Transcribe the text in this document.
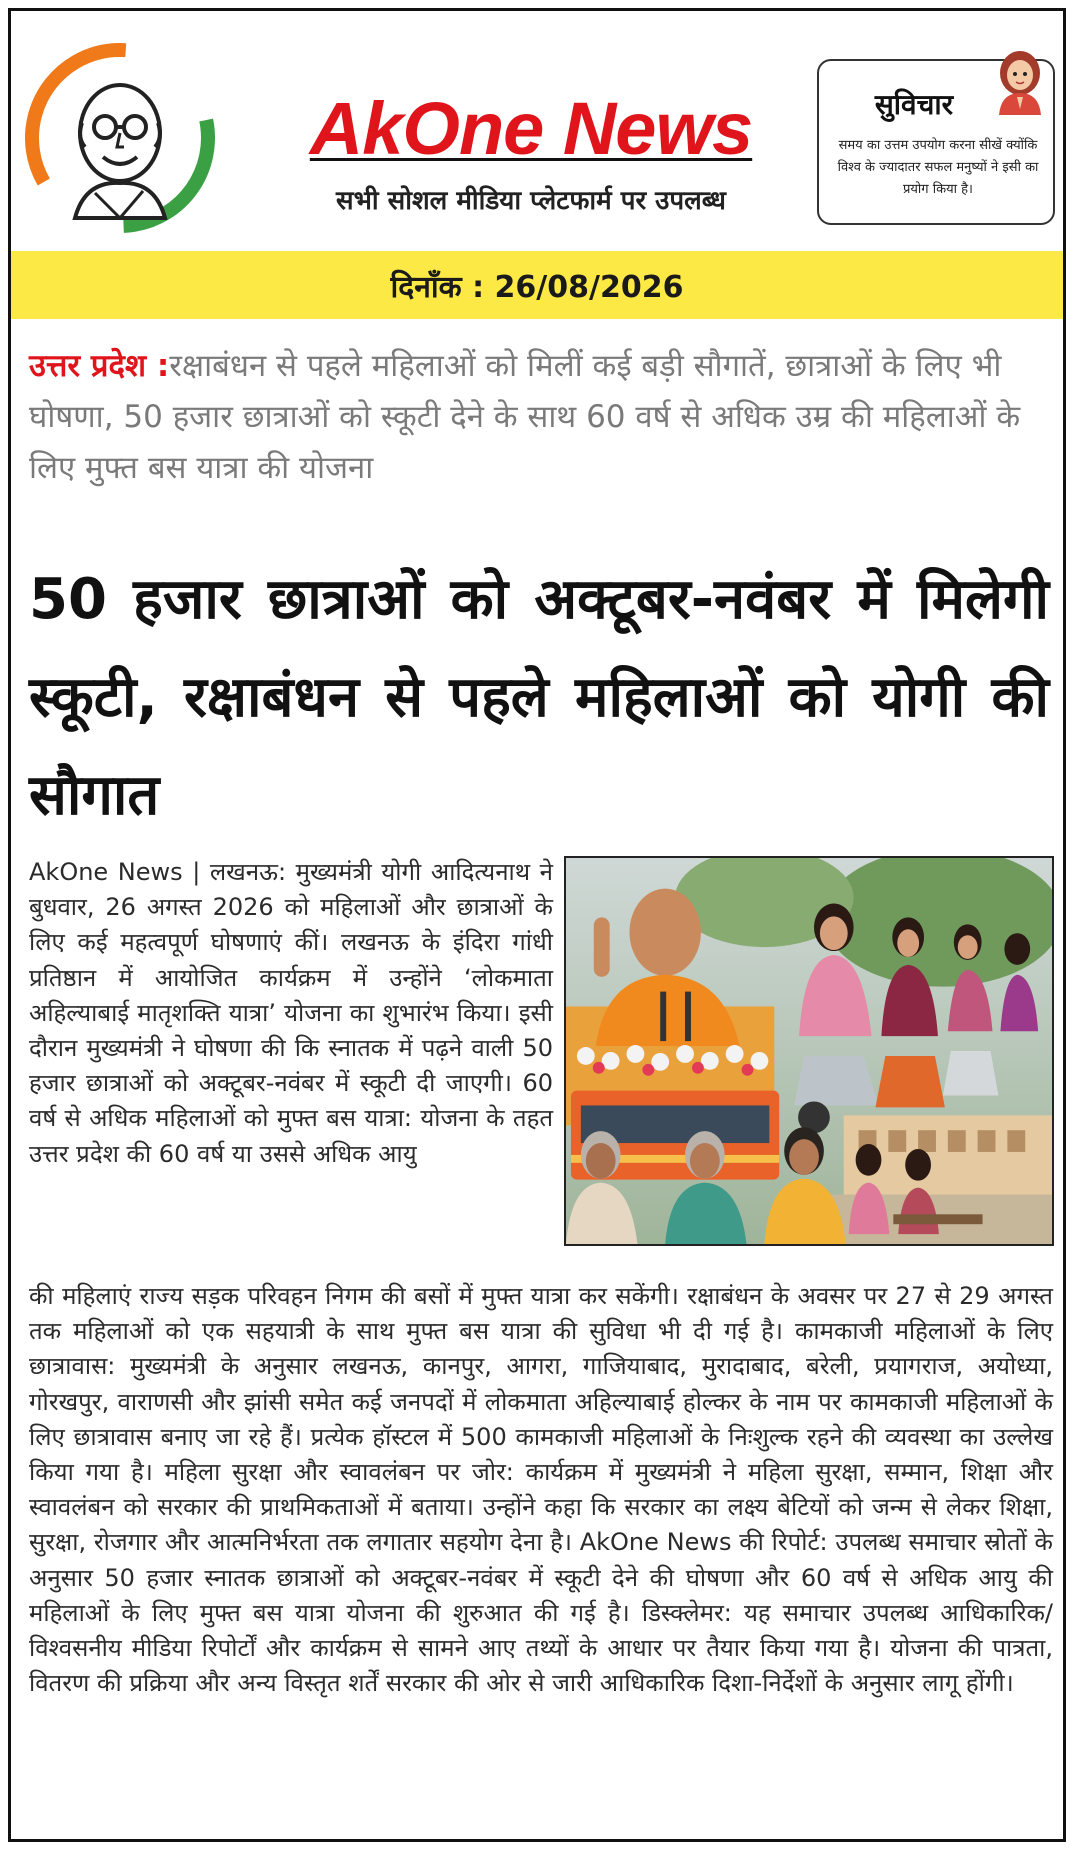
AkOne News
सभी सोशल मीडिया प्लेटफार्म पर उपलब्ध
सुविचार
समय का उत्तम उपयोग करना सीखें क्योंकि विश्व के ज्यादातर सफल मनुष्यों ने इसी का प्रयोग किया है।
दिनाँक : 26/08/2026
उत्तर प्रदेश :रक्षाबंधन से पहले महिलाओं को मिलीं कई बड़ी सौगातें, छात्राओं के लिए भी घोषणा, 50 हजार छात्राओं को स्कूटी देने के साथ 60 वर्ष से अधिक उम्र की महिलाओं के लिए मुफ्त बस यात्रा की योजना
50 हजार छात्राओं को अक्टूबर-नवंबर में मिलेगी स्कूटी, रक्षाबंधन से पहले महिलाओं को योगी की सौगात
AkOne News | लखनऊ: मुख्यमंत्री योगी आदित्यनाथ ने बुधवार, 26 अगस्त 2026 को महिलाओं और छात्राओं के लिए कई महत्वपूर्ण घोषणाएं कीं। लखनऊ के इंदिरा गांधी प्रतिष्ठान में आयोजित कार्यक्रम में उन्होंने ‘लोकमाता अहिल्याबाई मातृशक्ति यात्रा’ योजना का शुभारंभ किया। इसी दौरान मुख्यमंत्री ने घोषणा की कि स्नातक में पढ़ने वाली 50 हजार छात्राओं को अक्टूबर-नवंबर में स्कूटी दी जाएगी। 60 वर्ष से अधिक महिलाओं को मुफ्त बस यात्रा: योजना के तहत उत्तर प्रदेश की 60 वर्ष या उससे अधिक आयु
की महिलाएं राज्य सड़क परिवहन निगम की बसों में मुफ्त यात्रा कर सकेंगी। रक्षाबंधन के अवसर पर 27 से 29 अगस्त तक महिलाओं को एक सहयात्री के साथ मुफ्त बस यात्रा की सुविधा भी दी गई है। कामकाजी महिलाओं के लिए छात्रावास: मुख्यमंत्री के अनुसार लखनऊ, कानपुर, आगरा, गाजियाबाद, मुरादाबाद, बरेली, प्रयागराज, अयोध्या, गोरखपुर, वाराणसी और झांसी समेत कई जनपदों में लोकमाता अहिल्याबाई होल्कर के नाम पर कामकाजी महिलाओं के लिए छात्रावास बनाए जा रहे हैं। प्रत्येक हॉस्टल में 500 कामकाजी महिलाओं के निःशुल्क रहने की व्यवस्था का उल्लेख किया गया है। महिला सुरक्षा और स्वावलंबन पर जोर: कार्यक्रम में मुख्यमंत्री ने महिला सुरक्षा, सम्मान, शिक्षा और स्वावलंबन को सरकार की प्राथमिकताओं में बताया। उन्होंने कहा कि सरकार का लक्ष्य बेटियों को जन्म से लेकर शिक्षा, सुरक्षा, रोजगार और आत्मनिर्भरता तक लगातार सहयोग देना है। AkOne News की रिपोर्ट: उपलब्ध समाचार स्रोतों के अनुसार 50 हजार स्नातक छात्राओं को अक्टूबर-नवंबर में स्कूटी देने की घोषणा और 60 वर्ष से अधिक आयु की महिलाओं के लिए मुफ्त बस यात्रा योजना की शुरुआत की गई है। डिस्क्लेमर: यह समाचार उपलब्ध आधिकारिक/विश्वसनीय मीडिया रिपोर्टों और कार्यक्रम से सामने आए तथ्यों के आधार पर तैयार किया गया है। योजना की पात्रता, वितरण की प्रक्रिया और अन्य विस्तृत शर्तें सरकार की ओर से जारी आधिकारिक दिशा-निर्देशों के अनुसार लागू होंगी।
